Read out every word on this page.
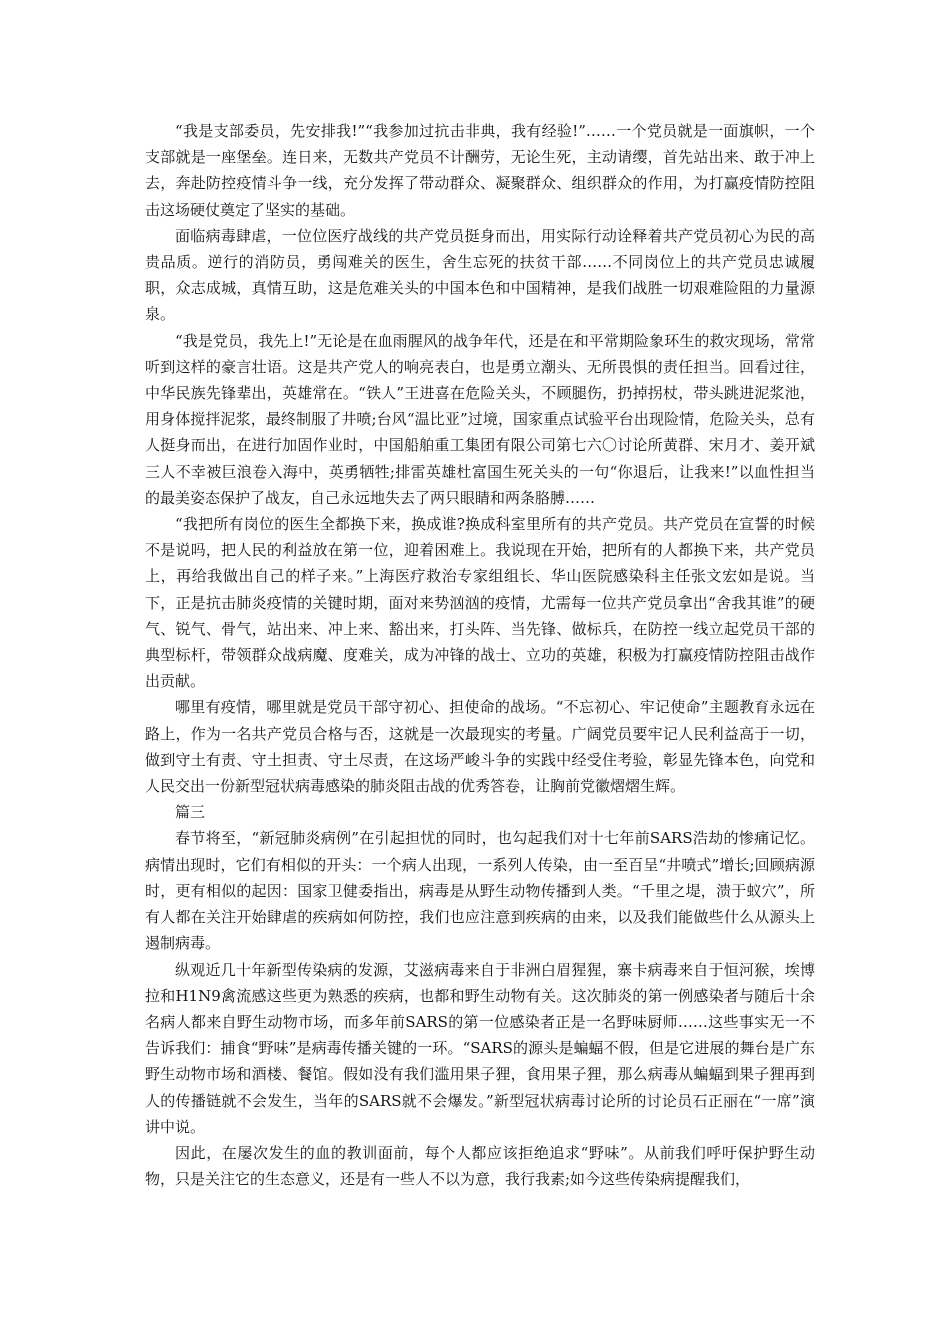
“我是支部委员，先安排我!”“我参加过抗击非典，我有经验!”……一个党员就是一面旗帜，一个支部就是一座堡垒。连日来，无数共产党员不计酬劳，无论生死，主动请缨，首先站出来、敢于冲上去，奔赴防控疫情斗争一线，充分发挥了带动群众、凝聚群众、组织群众的作用，为打赢疫情防控阻击这场硬仗奠定了坚实的基础。

面临病毒肆虐，一位位医疗战线的共产党员挺身而出，用实际行动诠释着共产党员初心为民的高贵品质。逆行的消防员，勇闯难关的医生，舍生忘死的扶贫干部……不同岗位上的共产党员忠诚履职，众志成城，真情互助，这是危难关头的中国本色和中国精神，是我们战胜一切艰难险阻的力量源泉。

“我是党员，我先上!”无论是在血雨腥风的战争年代，还是在和平常期险象环生的救灾现场，常常听到这样的豪言壮语。这是共产党人的响亮表白，也是勇立潮头、无所畏惧的责任担当。回看过往，中华民族先锋辈出，英雄常在。“铁人”王进喜在危险关头，不顾腿伤，扔掉拐杖，带头跳进泥浆池，用身体搅拌泥浆，最终制服了井喷;台风“温比亚”过境，国家重点试验平台出现险情，危险关头，总有人挺身而出，在进行加固作业时，中国船舶重工集团有限公司第七六〇讨论所黄群、宋月才、姜开斌三人不幸被巨浪卷入海中，英勇牺牲;排雷英雄杜富国生死关头的一句“你退后，让我来!”以血性担当的最美姿态保护了战友，自己永远地失去了两只眼睛和两条胳膊……

“我把所有岗位的医生全都换下来，换成谁?换成科室里所有的共产党员。共产党员在宣誓的时候不是说吗，把人民的利益放在第一位，迎着困难上。我说现在开始，把所有的人都换下来，共产党员上，再给我做出自己的样子来。”上海医疗救治专家组组长、华山医院感染科主任张文宏如是说。当下，正是抗击肺炎疫情的关键时期，面对来势汹汹的疫情，尤需每一位共产党员拿出“舍我其谁”的硬气、锐气、骨气，站出来、冲上来、豁出来，打头阵、当先锋、做标兵，在防控一线立起党员干部的典型标杆，带领群众战病魔、度难关，成为冲锋的战士、立功的英雄，积极为打赢疫情防控阻击战作出贡献。

哪里有疫情，哪里就是党员干部守初心、担使命的战场。“不忘初心、牢记使命”主题教育永远在路上，作为一名共产党员合格与否，这就是一次最现实的考量。广阔党员要牢记人民利益高于一切，做到守土有责、守土担责、守土尽责，在这场严峻斗争的实践中经受住考验，彰显先锋本色，向党和人民交出一份新型冠状病毒感染的肺炎阻击战的优秀答卷，让胸前党徽熠熠生辉。

篇三

春节将至，“新冠肺炎病例”在引起担忧的同时，也勾起我们对十七年前SARS浩劫的惨痛记忆。病情出现时，它们有相似的开头：一个病人出现，一系列人传染，由一至百呈“井喷式”增长;回顾病源时，更有相似的起因：国家卫健委指出，病毒是从野生动物传播到人类。“千里之堤，溃于蚁穴”，所有人都在关注开始肆虐的疾病如何防控，我们也应注意到疾病的由来，以及我们能做些什么从源头上遏制病毒。

纵观近几十年新型传染病的发源，艾滋病毒来自于非洲白眉猩猩，寨卡病毒来自于恒河猴，埃博拉和H1N9禽流感这些更为熟悉的疾病，也都和野生动物有关。这次肺炎的第一例感染者与随后十余名病人都来自野生动物市场，而多年前SARS的第一位感染者正是一名野味厨师……这些事实无一不告诉我们：捕食“野味”是病毒传播关键的一环。“SARS的源头是蝙蝠不假，但是它进展的舞台是广东野生动物市场和酒楼、餐馆。假如没有我们滥用果子狸，食用果子狸，那么病毒从蝙蝠到果子狸再到人的传播链就不会发生，当年的SARS就不会爆发。”新型冠状病毒讨论所的讨论员石正丽在“一席”演讲中说。

因此，在屡次发生的血的教训面前，每个人都应该拒绝追求“野味”。从前我们呼吁保护野生动物，只是关注它的生态意义，还是有一些人不以为意，我行我素;如今这些传染病提醒我们，
